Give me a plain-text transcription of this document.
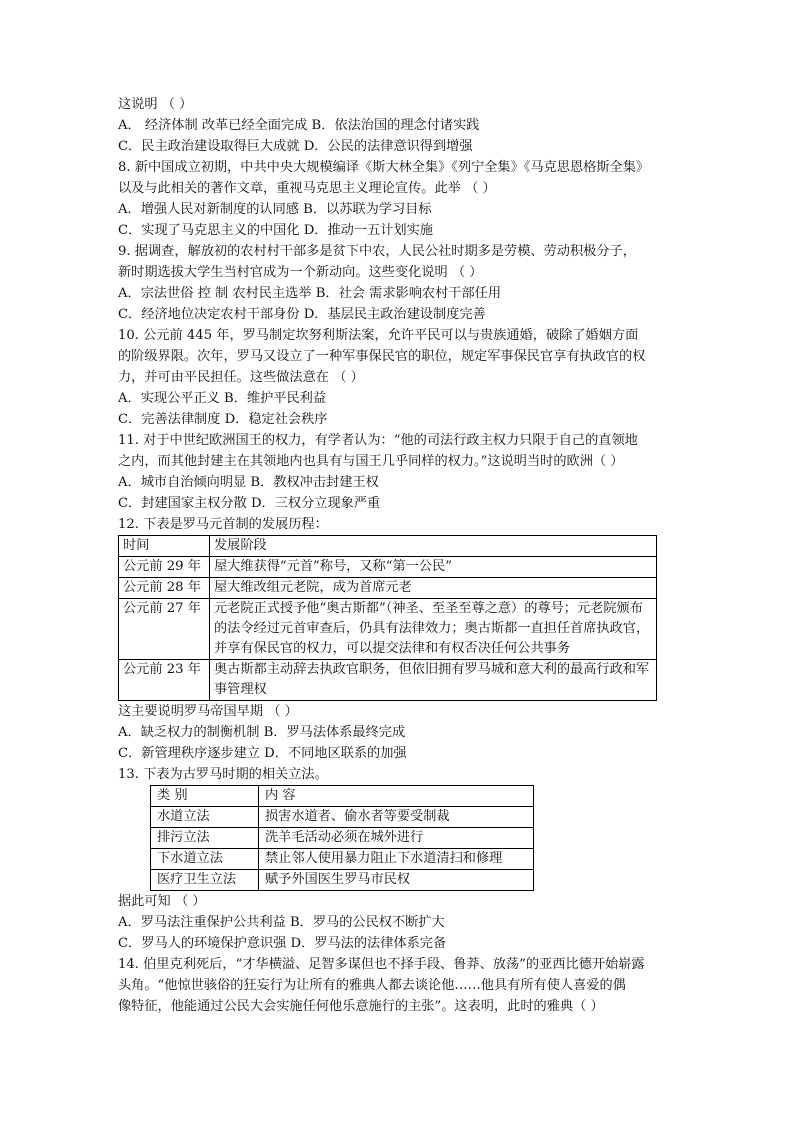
这说明 （ ）
A． 经济体制 改革已经全面完成 B．依法治国的理念付诸实践
C．民主政治建设取得巨大成就 D．公民的法律意识得到增强
8. 新中国成立初期，中共中央大规模编译《斯大林全集》《列宁全集》《马克思恩格斯全集》
以及与此相关的著作文章，重视马克思主义理论宣传。此举 （ ）
A．增强人民对新制度的认同感 B．以苏联为学习目标
C．实现了马克思主义的中国化 D．推动一五计划实施
9. 据调查，解放初的农村村干部多是贫下中农，人民公社时期多是劳模、劳动积极分子，
新时期选拔大学生当村官成为一个新动向。这些变化说明 （ ）
A．宗法世俗 控 制 农村民主选举 B．社会 需求影响农村干部任用
C．经济地位决定农村干部身份 D．基层民主政治建设制度完善
10. 公元前 445 年，罗马制定坎努利斯法案，允许平民可以与贵族通婚，破除了婚姻方面
的阶级界限。次年，罗马又设立了一种军事保民官的职位，规定军事保民官享有执政官的权
力，并可由平民担任。这些做法意在 （ ）
A．实现公平正义 B．维护平民利益
C．完善法律制度 D．稳定社会秩序
11. 对于中世纪欧洲国王的权力，有学者认为：“他的司法行政主权力只限于自己的直领地
之内，而其他封建主在其领地内也具有与国王几乎同样的权力。”这说明当时的欧洲（ ）
A．城市自治倾向明显 B．教权冲击封建王权
C．封建国家主权分散 D．三权分立现象严重
12. 下表是罗马元首制的发展历程：
时间	发展阶段
公元前 29 年	屋大维获得“元首”称号，又称“第一公民”
公元前 28 年	屋大维改组元老院，成为首席元老
公元前 27 年	元老院正式授予他“奥古斯都”（神圣、至圣至尊之意）的尊号；元老院颁布的法令经过元首审查后，仍具有法律效力；奥古斯都一直担任首席执政官，并享有保民官的权力，可以提交法律和有权否决任何公共事务
公元前 23 年	奥古斯都主动辞去执政官职务，但依旧拥有罗马城和意大利的最高行政和军事管理权
这主要说明罗马帝国早期 （ ）
A．缺乏权力的制衡机制 B．罗马法体系最终完成
C．新管理秩序逐步建立 D．不同地区联系的加强
13. 下表为古罗马时期的相关立法。
类 别	内 容
水道立法	损害水道者、偷水者等要受制裁
排污立法	洗羊毛活动必须在城外进行
下水道立法	禁止邻人使用暴力阻止下水道清扫和修理
医疗卫生立法	赋予外国医生罗马市民权
据此可知 （ ）
A．罗马法注重保护公共利益 B．罗马的公民权不断扩大
C．罗马人的环境保护意识强 D．罗马法的法律体系完备
14. 伯里克利死后，“才华横溢、足智多谋但也不择手段、鲁莽、放荡”的亚西比德开始崭露
头角。“他惊世骇俗的狂妄行为让所有的雅典人都去谈论他……他具有所有使人喜爱的偶
像特征，他能通过公民大会实施任何他乐意施行的主张”。这表明，此时的雅典（ ）
